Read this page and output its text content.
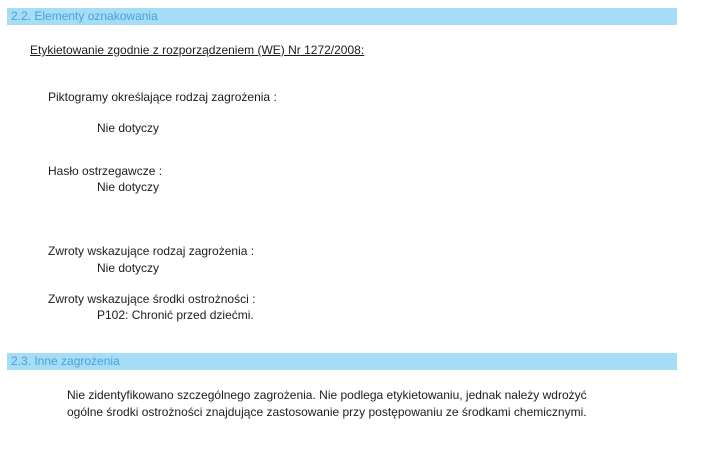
2.2. Elementy oznakowania
Etykietowanie zgodnie z rozporządzeniem (WE) Nr 1272/2008:
Piktogramy określające rodzaj zagrożenia :
Nie dotyczy
Hasło ostrzegawcze :
Nie dotyczy
Zwroty wskazujące rodzaj zagrożenia :
Nie dotyczy
Zwroty wskazujące środki ostrożności :
P102: Chronić przed dziećmi.
2.3. Inne zagrożenia
Nie zidentyfikowano szczególnego zagrożenia. Nie podlega etykietowaniu, jednak należy wdrożyć ogólne środki ostrożności znajdujące zastosowanie przy postępowaniu ze środkami chemicznymi.
